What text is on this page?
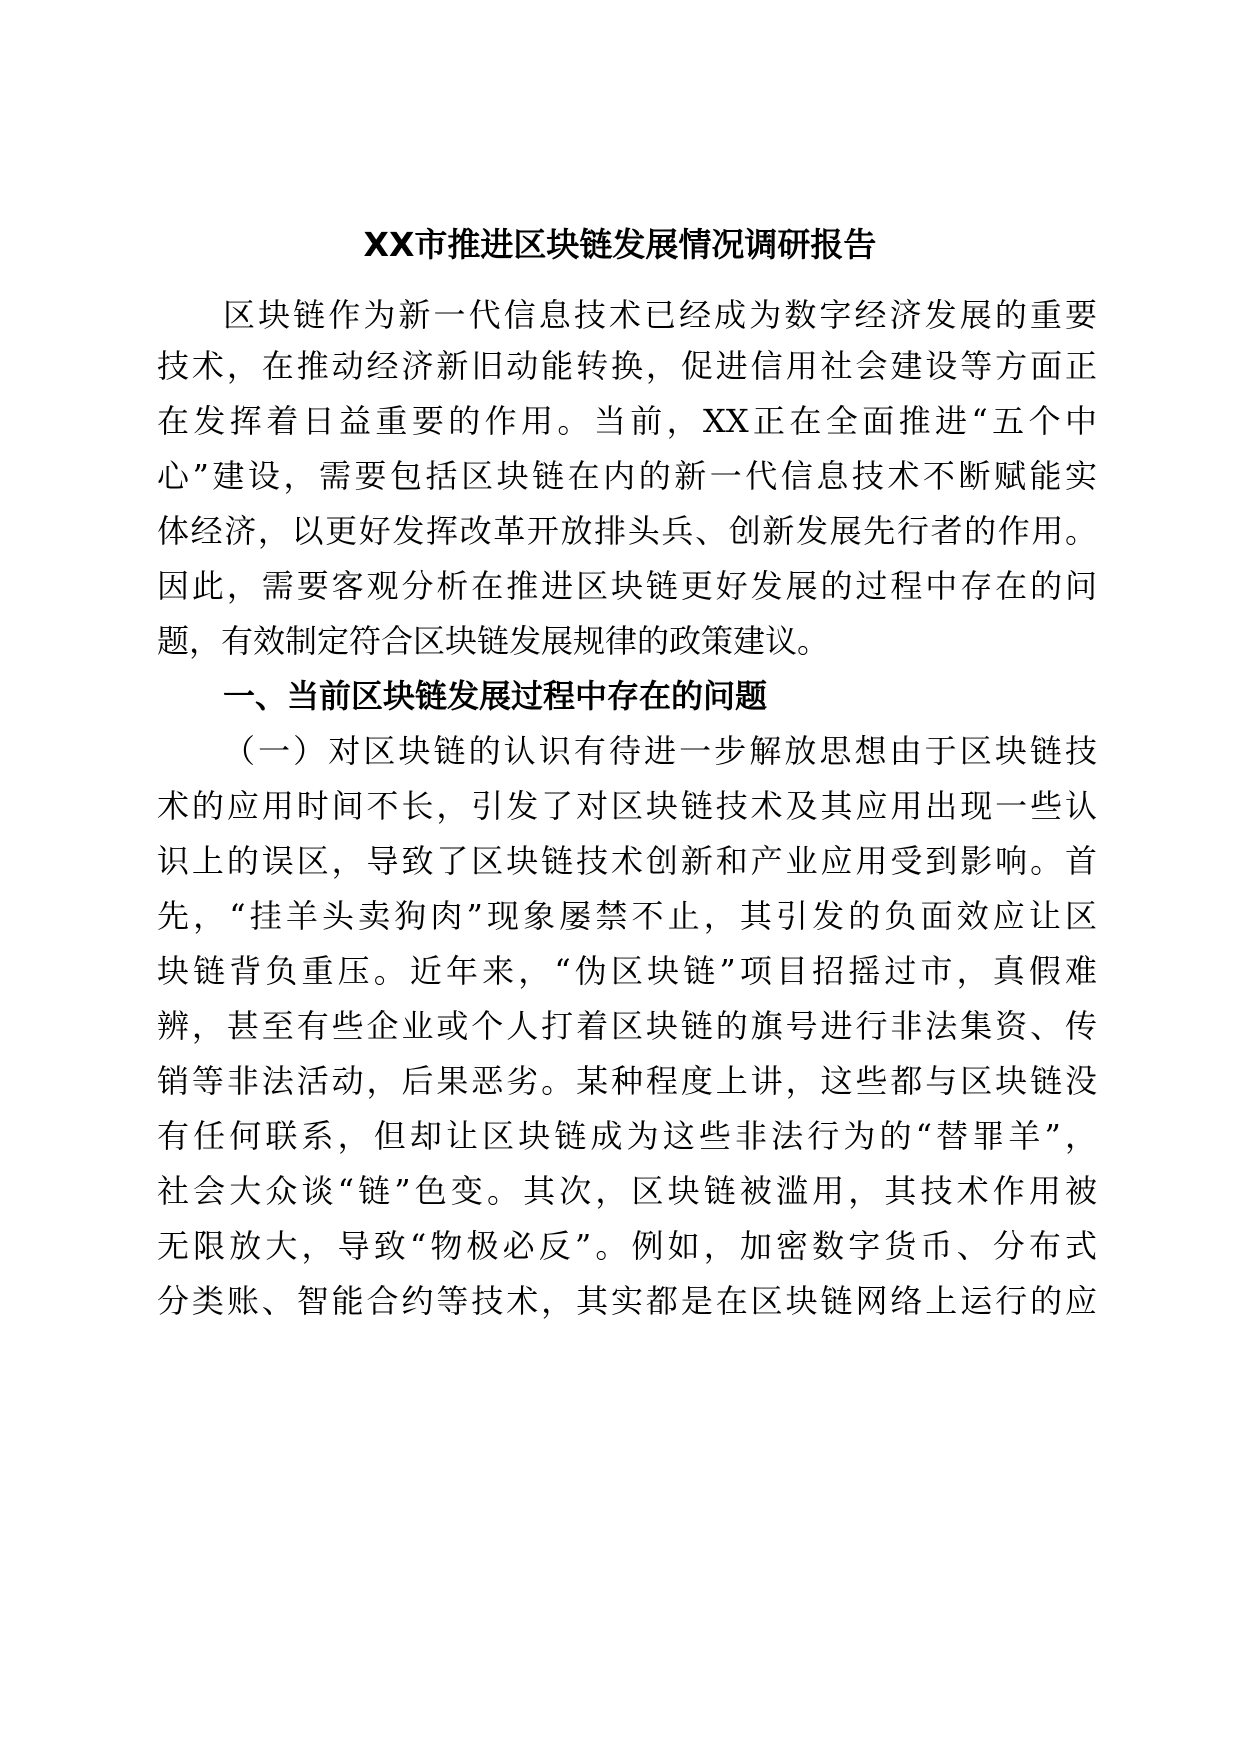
XX市推进区块链发展情况调研报告

区块链作为新一代信息技术已经成为数字经济发展的重要

技术，在推动经济新旧动能转换，促进信用社会建设等方面正

在发挥着日益重要的作用。当前，XX正在全面推进“五个中

心”建设，需要包括区块链在内的新一代信息技术不断赋能实

体经济，以更好发挥改革开放排头兵、创新发展先行者的作用。

因此，需要客观分析在推进区块链更好发展的过程中存在的问

题，有效制定符合区块链发展规律的政策建议。

一、当前区块链发展过程中存在的问题

（一）对区块链的认识有待进一步解放思想由于区块链技

术的应用时间不长，引发了对区块链技术及其应用出现一些认

识上的误区，导致了区块链技术创新和产业应用受到影响。首

先，“挂羊头卖狗肉”现象屡禁不止，其引发的负面效应让区

块链背负重压。近年来，“伪区块链”项目招摇过市，真假难

辨，甚至有些企业或个人打着区块链的旗号进行非法集资、传

销等非法活动，后果恶劣。某种程度上讲，这些都与区块链没

有任何联系，但却让区块链成为这些非法行为的“替罪羊”，

社会大众谈“链”色变。其次，区块链被滥用，其技术作用被

无限放大，导致“物极必反”。例如，加密数字货币、分布式

分类账、智能合约等技术，其实都是在区块链网络上运行的应
